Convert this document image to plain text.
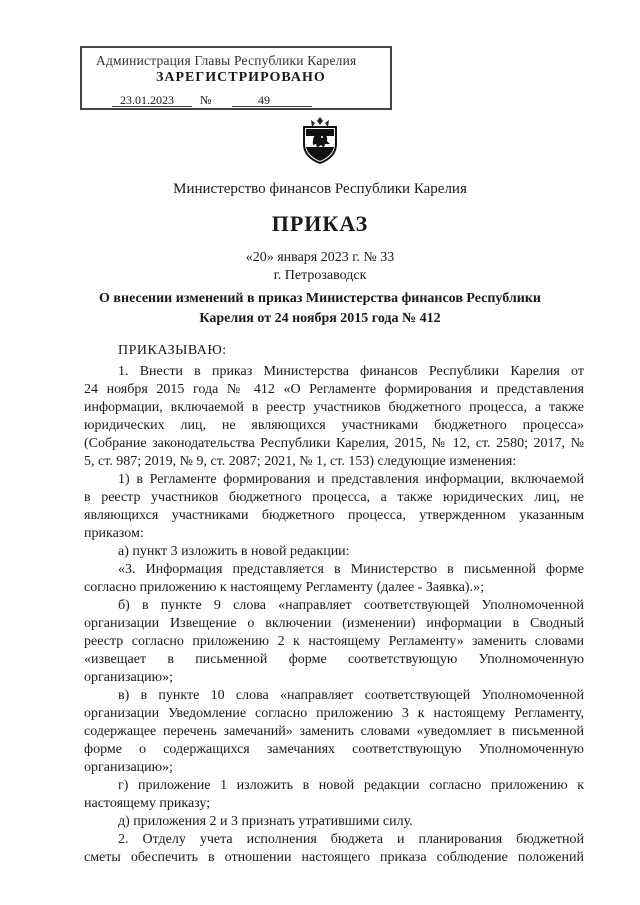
Администрация Главы Республики Карелия
ЗАРЕГИСТРИРОВАНО
23.01.2023 №	49
Министерство финансов Республики Карелия
ПРИКАЗ
«20» января 2023 г. № 33
г. Петрозаводск
О внесении изменений в приказ Министерства финансов Республики
Карелия от 24 ноября 2015 года № 412
ПРИКАЗЫВАЮ:
1. Внести в приказ Министерства финансов Республики Карелия от
24 ноября 2015 года № 412 «О Регламенте формирования и представления
информации, включаемой в реестр участников бюджетного процесса, а также
юридических лиц, не являющихся участниками бюджетного процесса»
(Собрание законодательства Республики Карелия, 2015, № 12, ст. 2580; 2017, №
5, ст. 987; 2019, № 9, ст. 2087; 2021, № 1, ст. 153) следующие изменения:
1) в Регламенте формирования и представления информации, включаемой
в реестр участников бюджетного процесса, а также юридических лиц, не
являющихся участниками бюджетного процесса, утвержденном указанным
приказом:
а) пункт 3 изложить в новой редакции:
«3. Информация представляется в Министерство в письменной форме
согласно приложению к настоящему Регламенту (далее - Заявка).»;
б) в пункте 9 слова «направляет соответствующей Уполномоченной
организации Извещение о включении (изменении) информации в Сводный
реестр согласно приложению 2 к настоящему Регламенту» заменить словами
«извещает в письменной форме соответствующую Уполномоченную
организацию»;
в) в пункте 10 слова «направляет соответствующей Уполномоченной
организации Уведомление согласно приложению 3 к настоящему Регламенту,
содержащее перечень замечаний» заменить словами «уведомляет в письменной
форме о содержащихся замечаниях соответствующую Уполномоченную
организацию»;
г) приложение 1 изложить в новой редакции согласно приложению к
настоящему приказу;
д) приложения 2 и 3 признать утратившими силу.
2. Отделу учета исполнения бюджета и планирования бюджетной
сметы обеспечить в отношении настоящего приказа соблюдение положений
